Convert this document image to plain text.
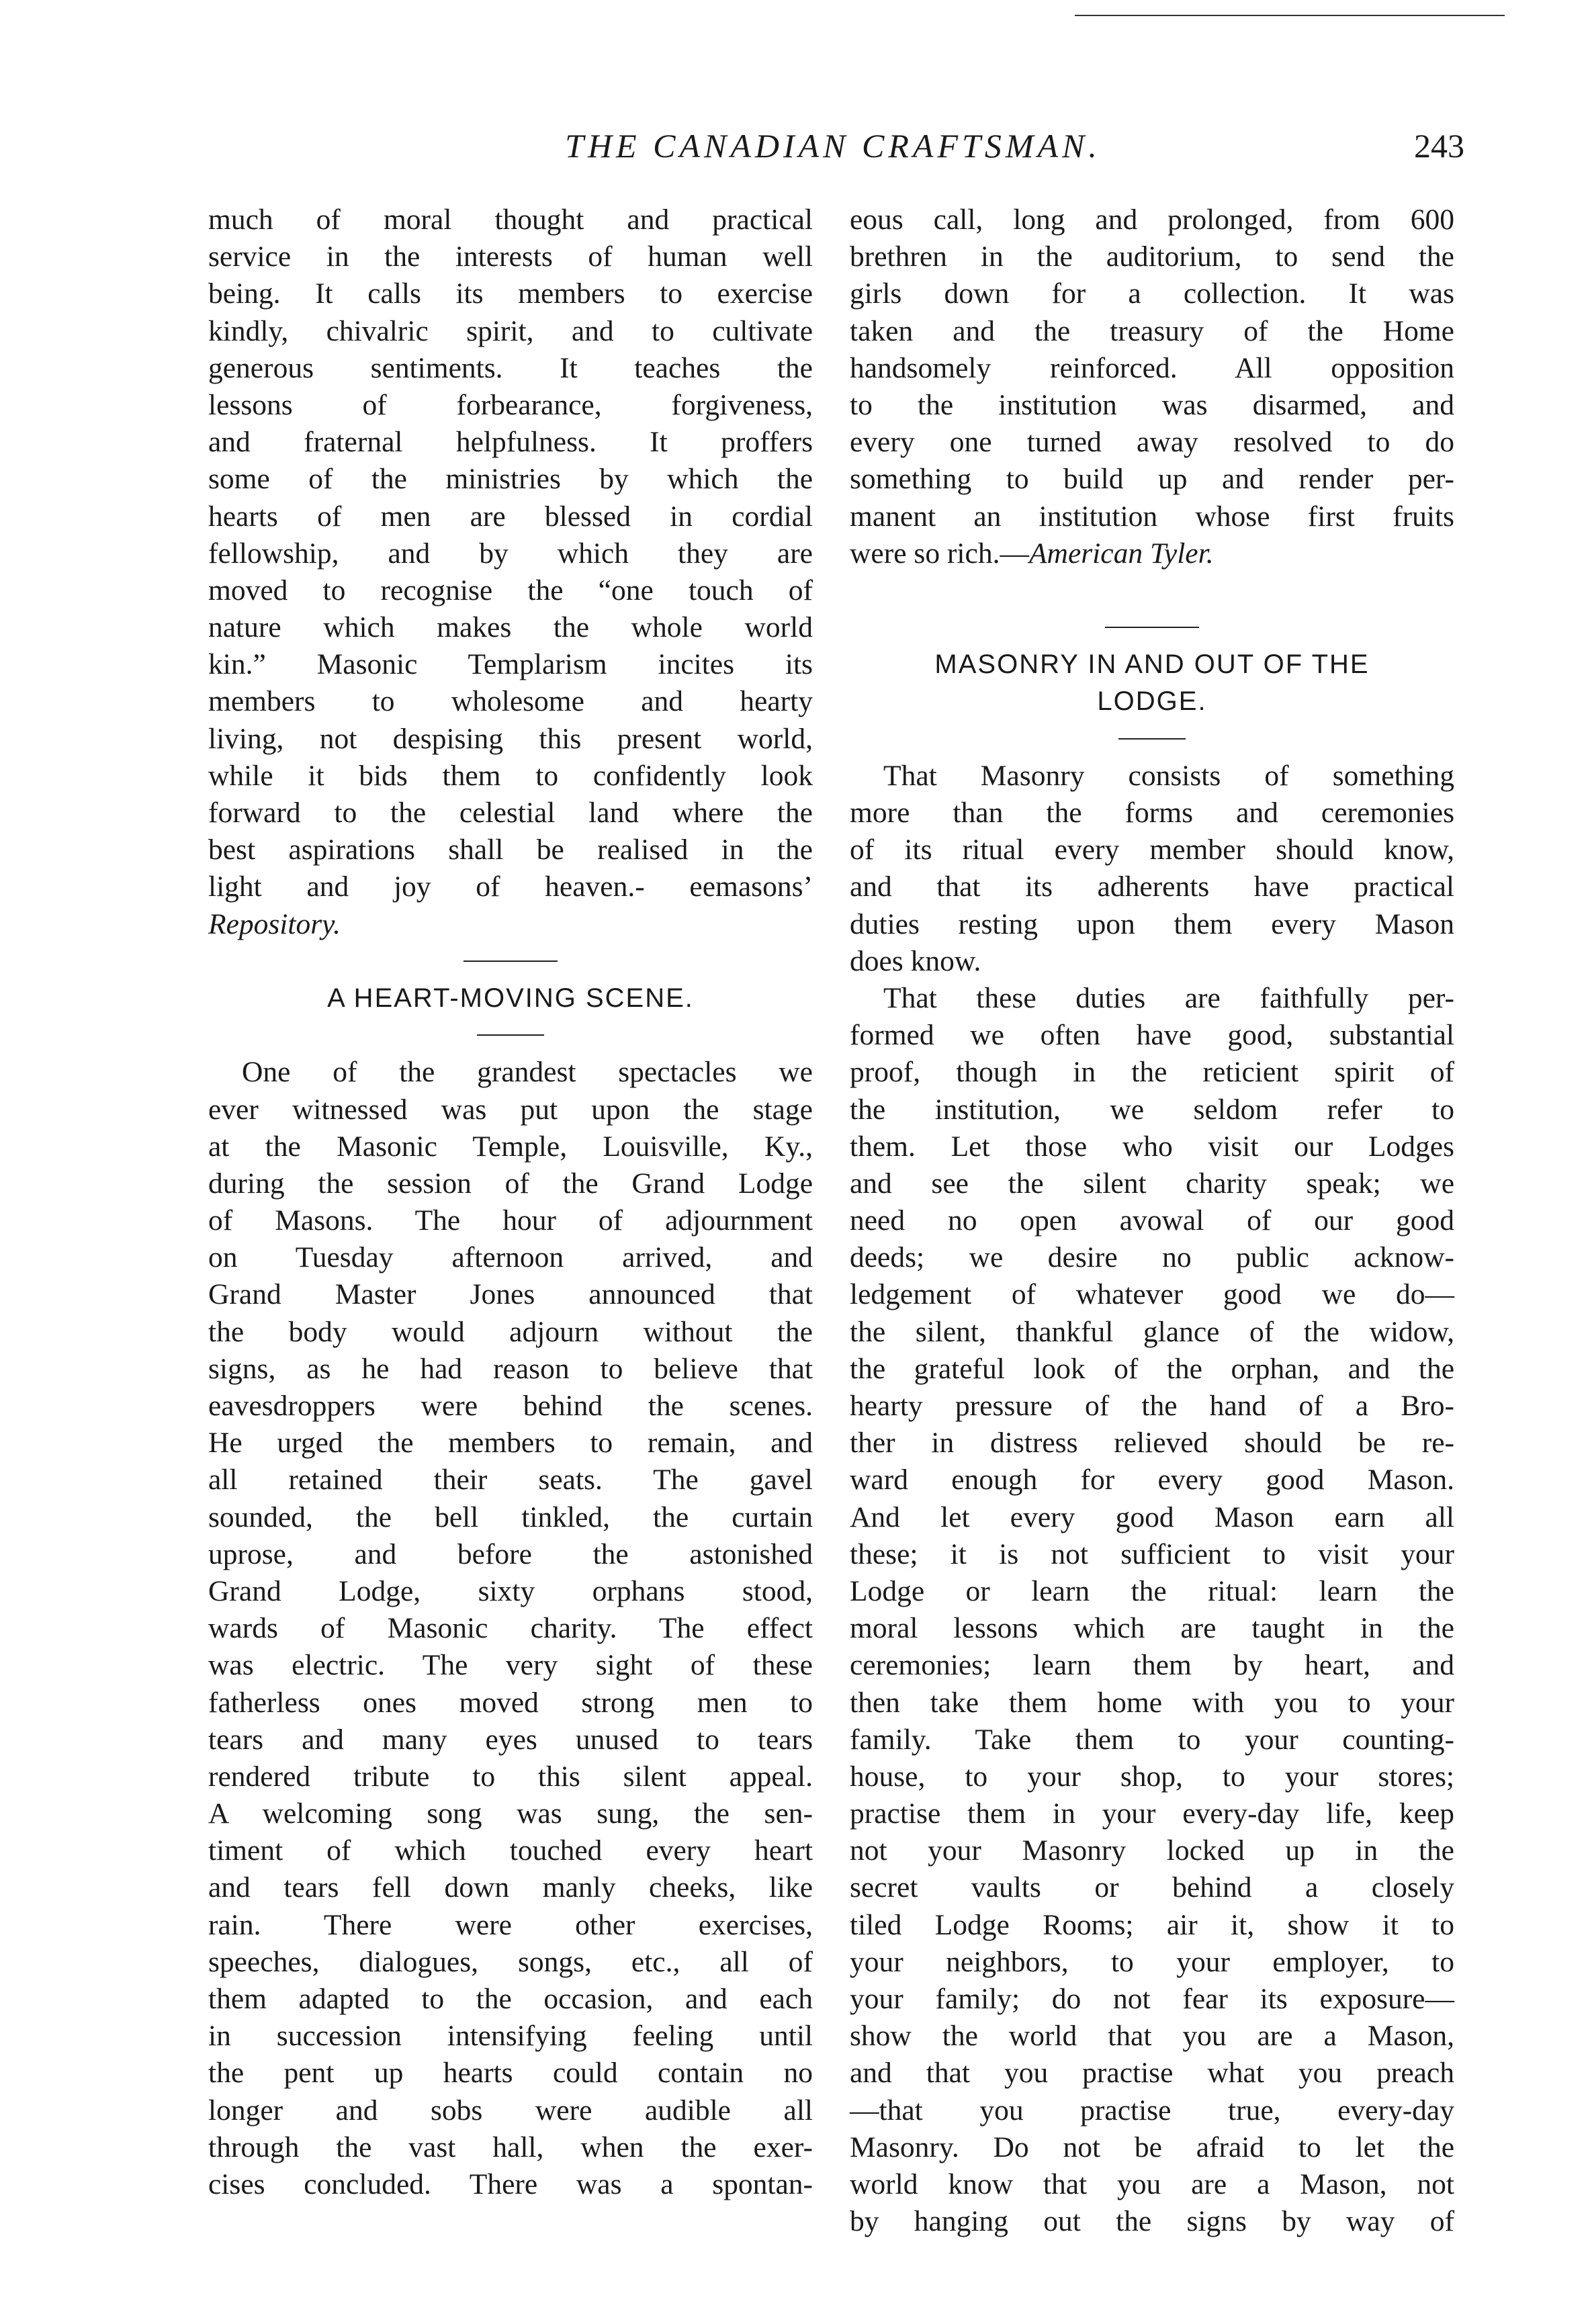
THE CANADIAN CRAFTSMAN.	243
much of moral thought and practical
service in the interests of human well
being. It calls its members to exercise
kindly, chivalric spirit, and to cultivate
generous sentiments. It teaches the
lessons of forbearance, forgiveness,
and fraternal helpfulness. It proffers
some of the ministries by which the
hearts of men are blessed in cordial
fellowship, and by which they are
moved to recognise the “one touch of
nature which makes the whole world
kin.” Masonic Templarism incites its
members to wholesome and hearty
living, not despising this present world,
while it bids them to confidently look
forward to the celestial land where the
best aspirations shall be realised in the
light and joy of heaven.- eemasons’
Repository.
A HEART-MOVING SCENE.
One of the grandest spectacles we
ever witnessed was put upon the stage
at the Masonic Temple, Louisville, Ky.,
during the session of the Grand Lodge
of Masons. The hour of adjournment
on Tuesday afternoon arrived, and
Grand Master Jones announced that
the body would adjourn without the
signs, as he had reason to believe that
eavesdroppers were behind the scenes.
He urged the members to remain, and
all retained their seats. The gavel
sounded, the bell tinkled, the curtain
uprose, and before the astonished
Grand Lodge, sixty orphans stood,
wards of Masonic charity. The effect
was electric. The very sight of these
fatherless ones moved strong men to
tears and many eyes unused to tears
rendered tribute to this silent appeal.
A welcoming song was sung, the sen-
timent of which touched every heart
and tears fell down manly cheeks, like
rain. There were other exercises,
speeches, dialogues, songs, etc., all of
them adapted to the occasion, and each
in succession intensifying feeling until
the pent up hearts could contain no
longer and sobs were audible all
through the vast hall, when the exer-
cises concluded. There was a spontan-
eous call, long and prolonged, from 600
brethren in the auditorium, to send the
girls down for a collection. It was
taken and the treasury of the Home
handsomely reinforced. All opposition
to the institution was disarmed, and
every one turned away resolved to do
something to build up and render per-
manent an institution whose first fruits
were so rich.—American Tyler.
MASONRY IN AND OUT OF THE
LODGE.
That Masonry consists of something
more than the forms and ceremonies
of its ritual every member should know,
and that its adherents have practical
duties resting upon them every Mason
does know.
That these duties are faithfully per-
formed we often have good, substantial
proof, though in the reticient spirit of
the institution, we seldom refer to
them. Let those who visit our Lodges
and see the silent charity speak; we
need no open avowal of our good
deeds; we desire no public acknow-
ledgement of whatever good we do—
the silent, thankful glance of the widow,
the grateful look of the orphan, and the
hearty pressure of the hand of a Bro-
ther in distress relieved should be re-
ward enough for every good Mason.
And let every good Mason earn all
these; it is not sufficient to visit your
Lodge or learn the ritual: learn the
moral lessons which are taught in the
ceremonies; learn them by heart, and
then take them home with you to your
family. Take them to your counting-
house, to your shop, to your stores;
practise them in your every-day life, keep
not your Masonry locked up in the
secret vaults or behind a closely
tiled Lodge Rooms; air it, show it to
your neighbors, to your employer, to
your family; do not fear its exposure—
show the world that you are a Mason,
and that you practise what you preach
—that you practise true, every-day
Masonry. Do not be afraid to let the
world know that you are a Mason, not
by hanging out the signs by way of
